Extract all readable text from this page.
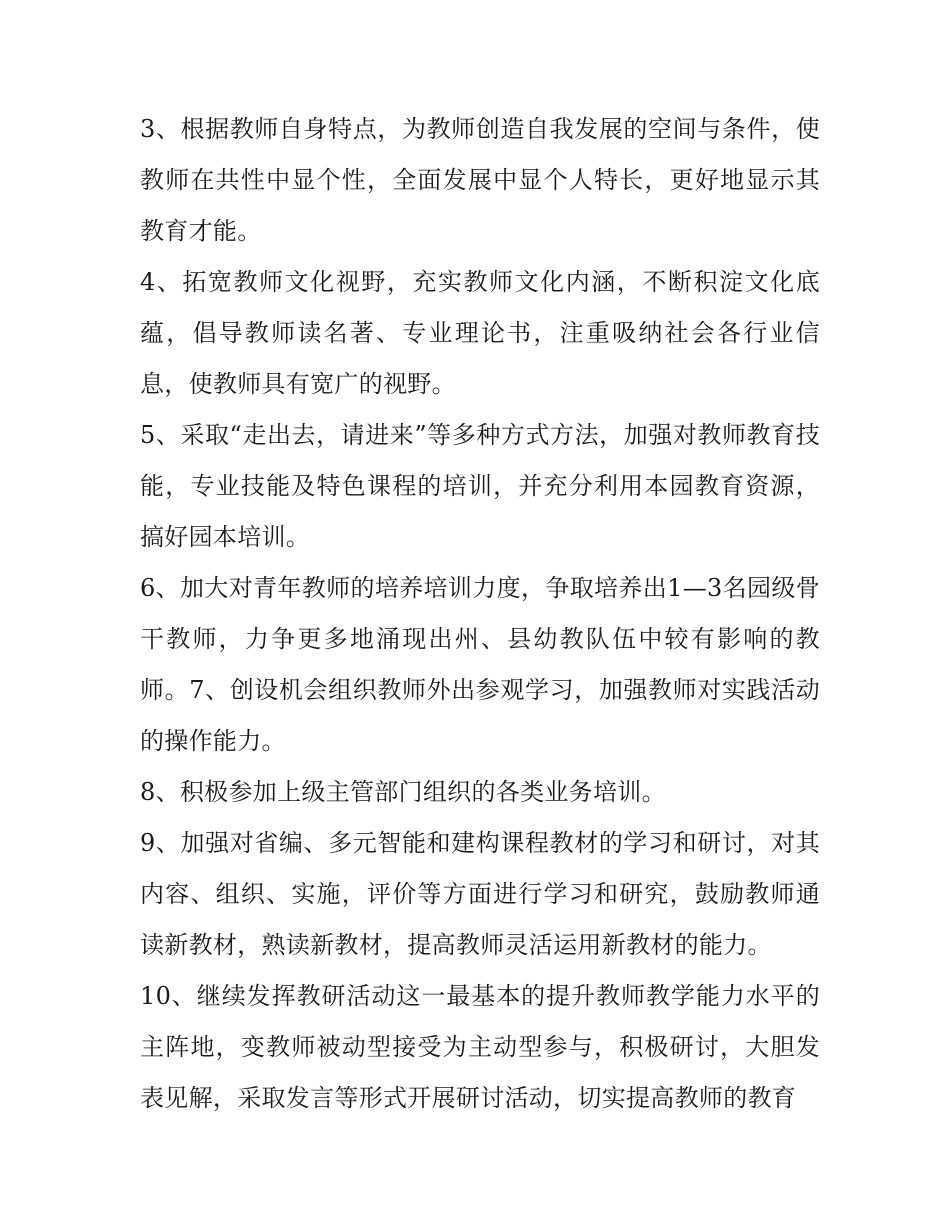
3、根据教师自身特点，为教师创造自我发展的空间与条件，使教师在共性中显个性，全面发展中显个人特长，更好地显示其教育才能。

4、拓宽教师文化视野，充实教师文化内涵，不断积淀文化底蕴，倡导教师读名著、专业理论书，注重吸纳社会各行业信息，使教师具有宽广的视野。

5、采取“走出去，请进来”等多种方式方法，加强对教师教育技能，专业技能及特色课程的培训，并充分利用本园教育资源，搞好园本培训。

6、加大对青年教师的培养培训力度，争取培养出1—3名园级骨干教师，力争更多地涌现出州、县幼教队伍中较有影响的教师。7、创设机会组织教师外出参观学习，加强教师对实践活动的操作能力。

8、积极参加上级主管部门组织的各类业务培训。

9、加强对省编、多元智能和建构课程教材的学习和研讨，对其内容、组织、实施，评价等方面进行学习和研究，鼓励教师通读新教材，熟读新教材，提高教师灵活运用新教材的能力。

10、继续发挥教研活动这一最基本的提升教师教学能力水平的主阵地，变教师被动型接受为主动型参与，积极研讨，大胆发表见解，采取发言等形式开展研讨活动，切实提高教师的教育
